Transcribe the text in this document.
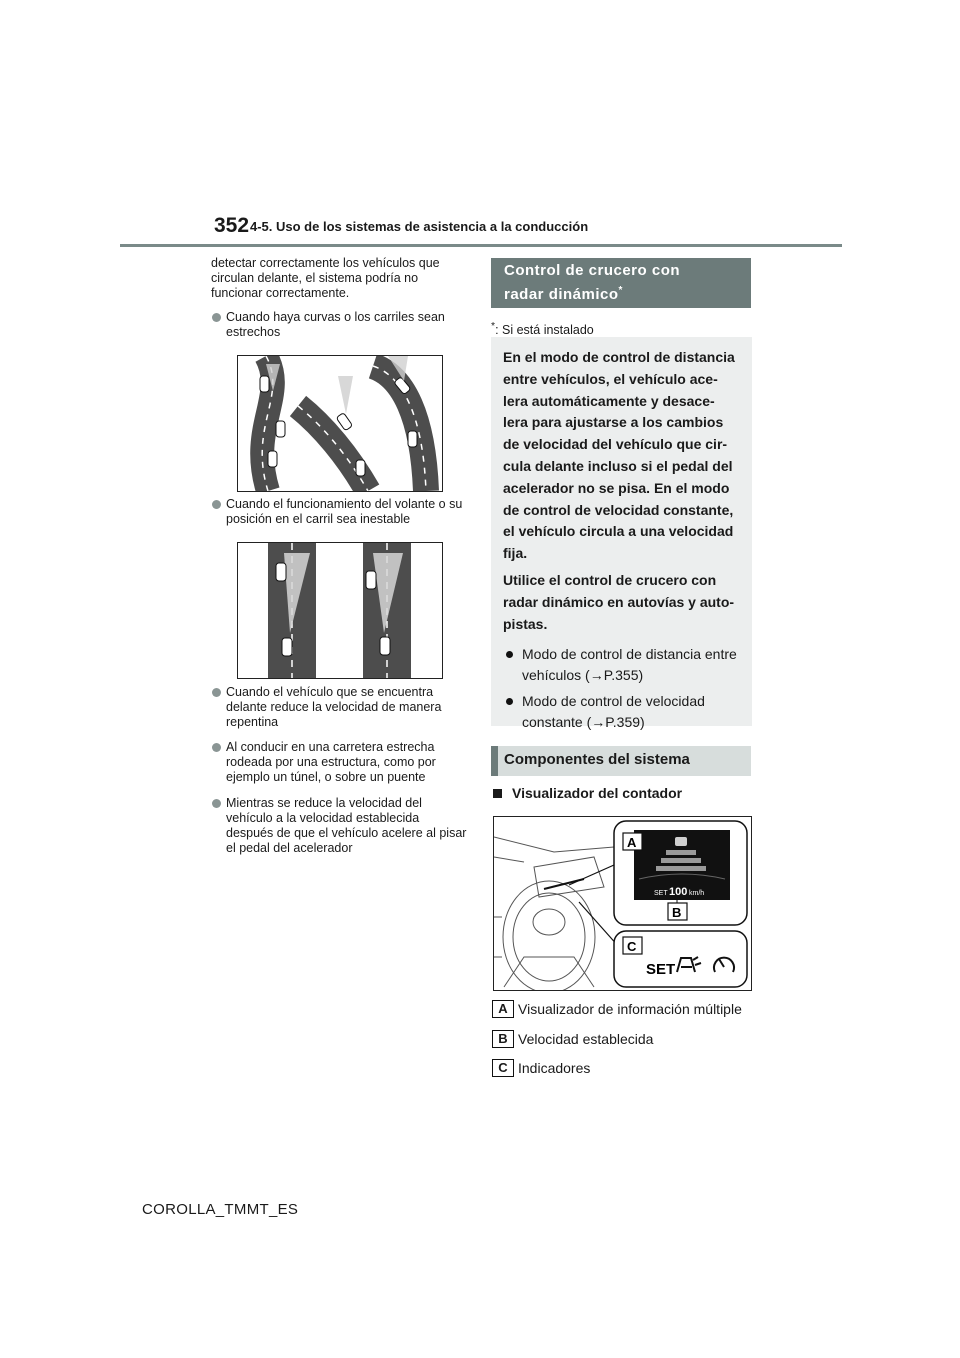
352 4-5. Uso de los sistemas de asistencia a la conducción
detectar correctamente los vehículos que circulan delante, el sistema podría no funcionar correctamente.
Cuando haya curvas o los carriles sean estrechos
Cuando el funcionamiento del volante o su posición en el carril sea inestable
Cuando el vehículo que se encuentra delante reduce la velocidad de manera repentina
Al conducir en una carretera estrecha rodeada por una estructura, como por ejemplo un túnel, o sobre un puente
Mientras se reduce la velocidad del vehículo a la velocidad establecida después de que el vehículo acelere al pisar el pedal del acelerador
Control de crucero con
radar dinámico*
*: Si está instalado
En el modo de control de distancia
entre vehículos, el vehículo ace-
lera automáticamente y desace-
lera para ajustarse a los cambios
de velocidad del vehículo que cir-
cula delante incluso si el pedal del
acelerador no se pisa. En el modo
de control de velocidad constante,
el vehículo circula a una velocidad
fija.
Utilice el control de crucero con
radar dinámico en autovías y auto-
pistas.
Modo de control de distancia entre
vehículos (→P.355)
Modo de control de velocidad
constante (→P.359)
Componentes del sistema
Visualizador del contador
SET 100 km/h
A
B
C
SET
A Visualizador de información múltiple
B Velocidad establecida
C Indicadores
COROLLA_TMMT_ES
